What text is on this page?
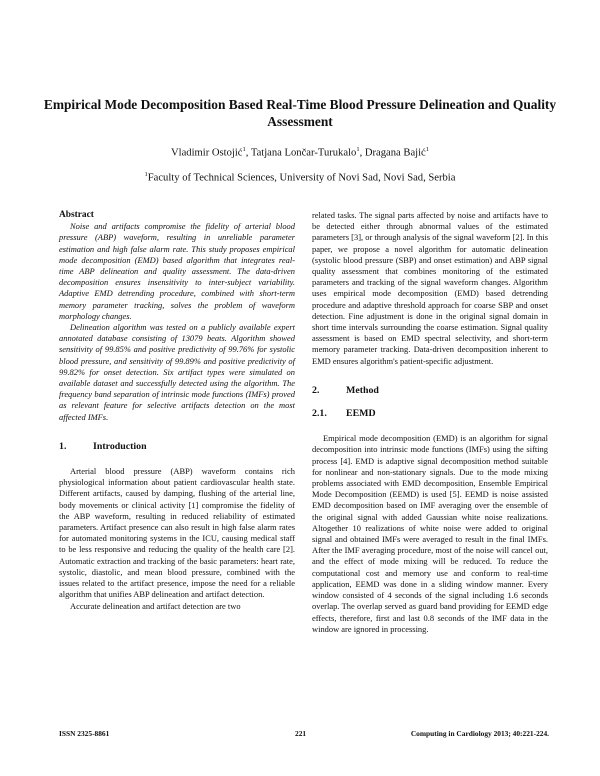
Empirical Mode Decomposition Based Real-Time Blood Pressure Delineation and Quality Assessment
Vladimir Ostojić$^1$, Tatjana Lončar-Turukalo$^1$, Dragana Bajić$^1$
$^1$Faculty of Technical Sciences, University of Novi Sad, Novi Sad, Serbia

Abstract

Noise and artifacts compromise the fidelity of arterial blood pressure (ABP) waveform, resulting in unreliable parameter estimation and high false alarm rate. This study proposes empirical mode decomposition (EMD) based algorithm that integrates real-time ABP delineation and quality assessment. The data-driven decomposition ensures insensitivity to inter-subject variability. Adaptive EMD detrending procedure, combined with short-term memory parameter tracking, solves the problem of waveform morphology changes.

Delineation algorithm was tested on a publicly available expert annotated database consisting of 13079 beats. Algorithm showed sensitivity of 99.85% and positive predictivity of 99.76% for systolic blood pressure, and sensitivity of 99.89% and positive predictivity of 99.82% for onset detection. Six artifact types were simulated on available dataset and successfully detected using the algorithm. The frequency band separation of intrinsic mode functions (IMFs) proved as relevant feature for selective artifacts detection on the most affected IMFs.

1.	Introduction

Arterial blood pressure (ABP) waveform contains rich physiological information about patient cardiovascular health state. Different artifacts, caused by damping, flushing of the arterial line, body movements or clinical activity [1] compromise the fidelity of the ABP waveform, resulting in reduced reliability of estimated parameters. Artifact presence can also result in high false alarm rates for automated monitoring systems in the ICU, causing medical staff to be less responsive and reducing the quality of the health care [2]. Automatic extraction and tracking of the basic parameters: heart rate, systolic, diastolic, and mean blood pressure, combined with the issues related to the artifact presence, impose the need for a reliable algorithm that unifies ABP delineation and artifact detection.

Accurate delineation and artifact detection are two

related tasks. The signal parts affected by noise and artifacts have to be detected either through abnormal values of the estimated parameters [3], or through analysis of the signal waveform [2]. In this paper, we propose a novel algorithm for automatic delineation (systolic blood pressure (SBP) and onset estimation) and ABP signal quality assessment that combines monitoring of the estimated parameters and tracking of the signal waveform changes. Algorithm uses empirical mode decomposition (EMD) based detrending procedure and adaptive threshold approach for coarse SBP and onset detection. Fine adjustment is done in the original signal domain in short time intervals surrounding the coarse estimation. Signal quality assessment is based on EMD spectral selectivity, and short-term memory parameter tracking. Data-driven decomposition inherent to EMD ensures algorithm's patient-specific adjustment.

2.	Method
2.1.	EEMD

Empirical mode decomposition (EMD) is an algorithm for signal decomposition into intrinsic mode functions (IMFs) using the sifting process [4]. EMD is adaptive signal decomposition method suitable for nonlinear and non-stationary signals. Due to the mode mixing problems associated with EMD decomposition, Ensemble Empirical Mode Decomposition (EEMD) is used [5]. EEMD is noise assisted EMD decomposition based on IMF averaging over the ensemble of the original signal with added Gaussian white noise realizations. Altogether 10 realizations of white noise were added to original signal and obtained IMFs were averaged to result in the final IMFs. After the IMF averaging procedure, most of the noise will cancel out, and the effect of mode mixing will be reduced. To reduce the computational cost and memory use and conform to real-time application, EEMD was done in a sliding window manner. Every window consisted of 4 seconds of the signal including 1.6 seconds overlap. The overlap served as guard band providing for EEMD edge effects, therefore, first and last 0.8 seconds of the IMF data in the window are ignored in processing.

ISSN 2325-8861	221	Computing in Cardiology 2013; 40:221-224.
